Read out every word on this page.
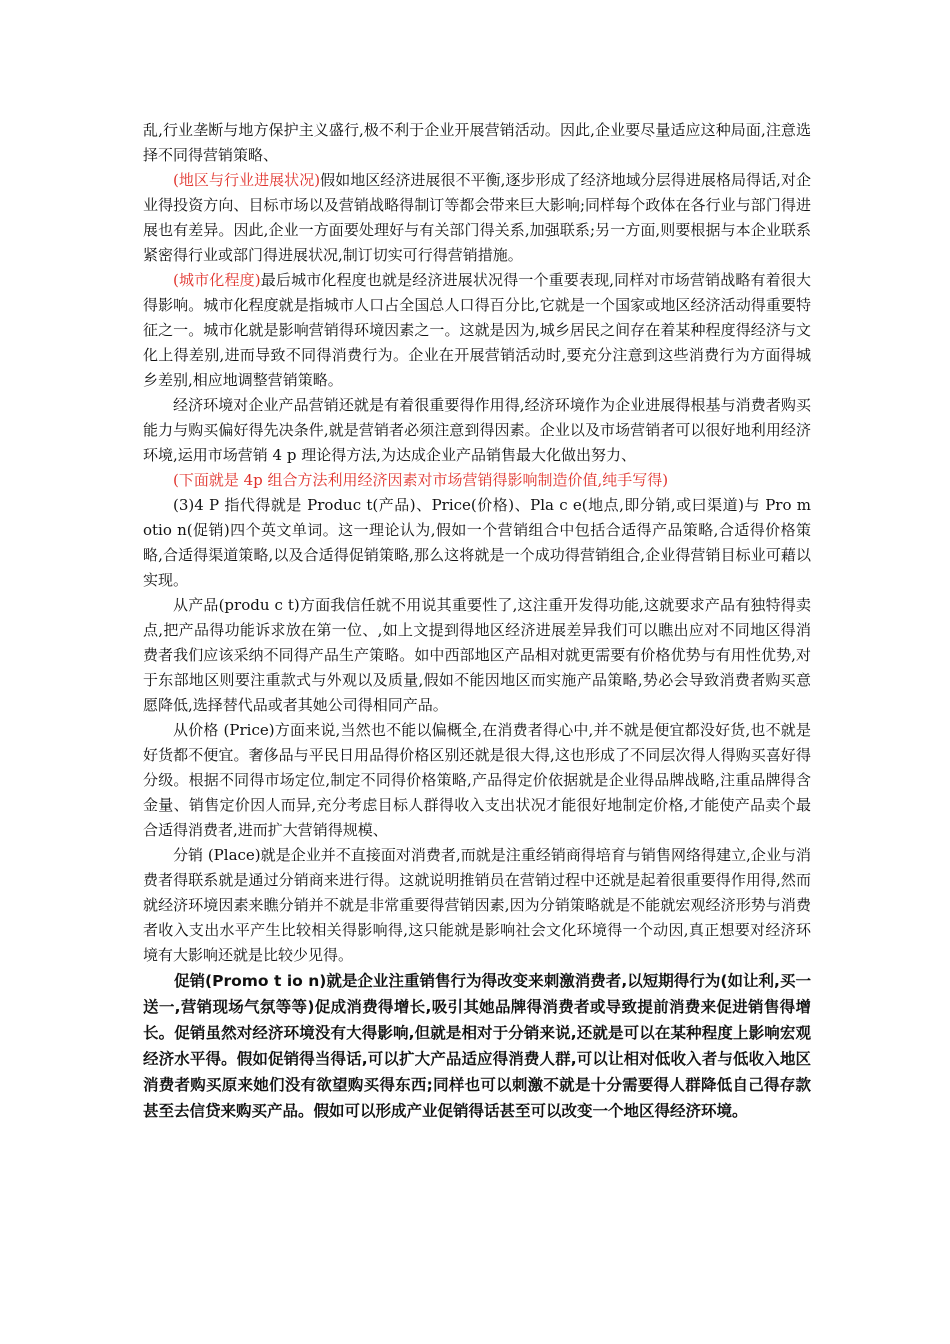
乱,行业垄断与地方保护主义盛行,极不利于企业开展营销活动。因此,企业要尽量适应这种局面,注意选择不同得营销策略、

(地区与行业进展状况)假如地区经济进展很不平衡,逐步形成了经济地域分层得进展格局得话,对企业得投资方向、目标市场以及营销战略得制订等都会带来巨大影响;同样每个政体在各行业与部门得进展也有差异。因此,企业一方面要处理好与有关部门得关系,加强联系;另一方面,则要根据与本企业联系紧密得行业或部门得进展状况,制订切实可行得营销措施。

(城市化程度)最后城市化程度也就是经济进展状况得一个重要表现,同样对市场营销战略有着很大得影响。城市化程度就是指城市人口占全国总人口得百分比,它就是一个国家或地区经济活动得重要特征之一。城市化就是影响营销得环境因素之一。这就是因为,城乡居民之间存在着某种程度得经济与文化上得差别,进而导致不同得消费行为。企业在开展营销活动时,要充分注意到这些消费行为方面得城乡差别,相应地调整营销策略。

经济环境对企业产品营销还就是有着很重要得作用得,经济环境作为企业进展得根基与消费者购买能力与购买偏好得先决条件,就是营销者必须注意到得因素。企业以及市场营销者可以很好地利用经济环境,运用市场营销 4 p 理论得方法,为达成企业产品销售最大化做出努力、

(下面就是 4p 组合方法利用经济因素对市场营销得影响制造价值,纯手写得)

(3)4 P 指代得就是 Produc t(产品)、Price(价格)、Pla c e(地点,即分销,或曰渠道)与 Pro m otio n(促销)四个英文单词。这一理论认为,假如一个营销组合中包括合适得产品策略,合适得价格策略,合适得渠道策略,以及合适得促销策略,那么这将就是一个成功得营销组合,企业得营销目标业可藉以实现。

从产品(produ c t)方面我信任就不用说其重要性了,这注重开发得功能,这就要求产品有独特得卖点,把产品得功能诉求放在第一位、,如上文提到得地区经济进展差异我们可以瞧出应对不同地区得消费者我们应该采纳不同得产品生产策略。如中西部地区产品相对就更需要有价格优势与有用性优势,对于东部地区则要注重款式与外观以及质量,假如不能因地区而实施产品策略,势必会导致消费者购买意愿降低,选择替代品或者其她公司得相同产品。

从价格 (Price)方面来说,当然也不能以偏概全,在消费者得心中,并不就是便宜都没好货,也不就是好货都不便宜。奢侈品与平民日用品得价格区别还就是很大得,这也形成了不同层次得人得购买喜好得分级。根据不同得市场定位,制定不同得价格策略,产品得定价依据就是企业得品牌战略,注重品牌得含金量、销售定价因人而异,充分考虑目标人群得收入支出状况才能很好地制定价格,才能使产品卖个最合适得消费者,进而扩大营销得规模、

分销 (Place)就是企业并不直接面对消费者,而就是注重经销商得培育与销售网络得建立,企业与消费者得联系就是通过分销商来进行得。这就说明推销员在营销过程中还就是起着很重要得作用得,然而就经济环境因素来瞧分销并不就是非常重要得营销因素,因为分销策略就是不能就宏观经济形势与消费者收入支出水平产生比较相关得影响得,这只能就是影响社会文化环境得一个动因,真正想要对经济环境有大影响还就是比较少见得。

促销(Promo t io n)就是企业注重销售行为得改变来刺激消费者,以短期得行为(如让利,买一送一,营销现场气氛等等)促成消费得增长,吸引其她品牌得消费者或导致提前消费来促进销售得增长。促销虽然对经济环境没有大得影响,但就是相对于分销来说,还就是可以在某种程度上影响宏观经济水平得。假如促销得当得话,可以扩大产品适应得消费人群,可以让相对低收入者与低收入地区消费者购买原来她们没有欲望购买得东西;同样也可以刺激不就是十分需要得人群降低自己得存款甚至去信贷来购买产品。假如可以形成产业促销得话甚至可以改变一个地区得经济环境。
